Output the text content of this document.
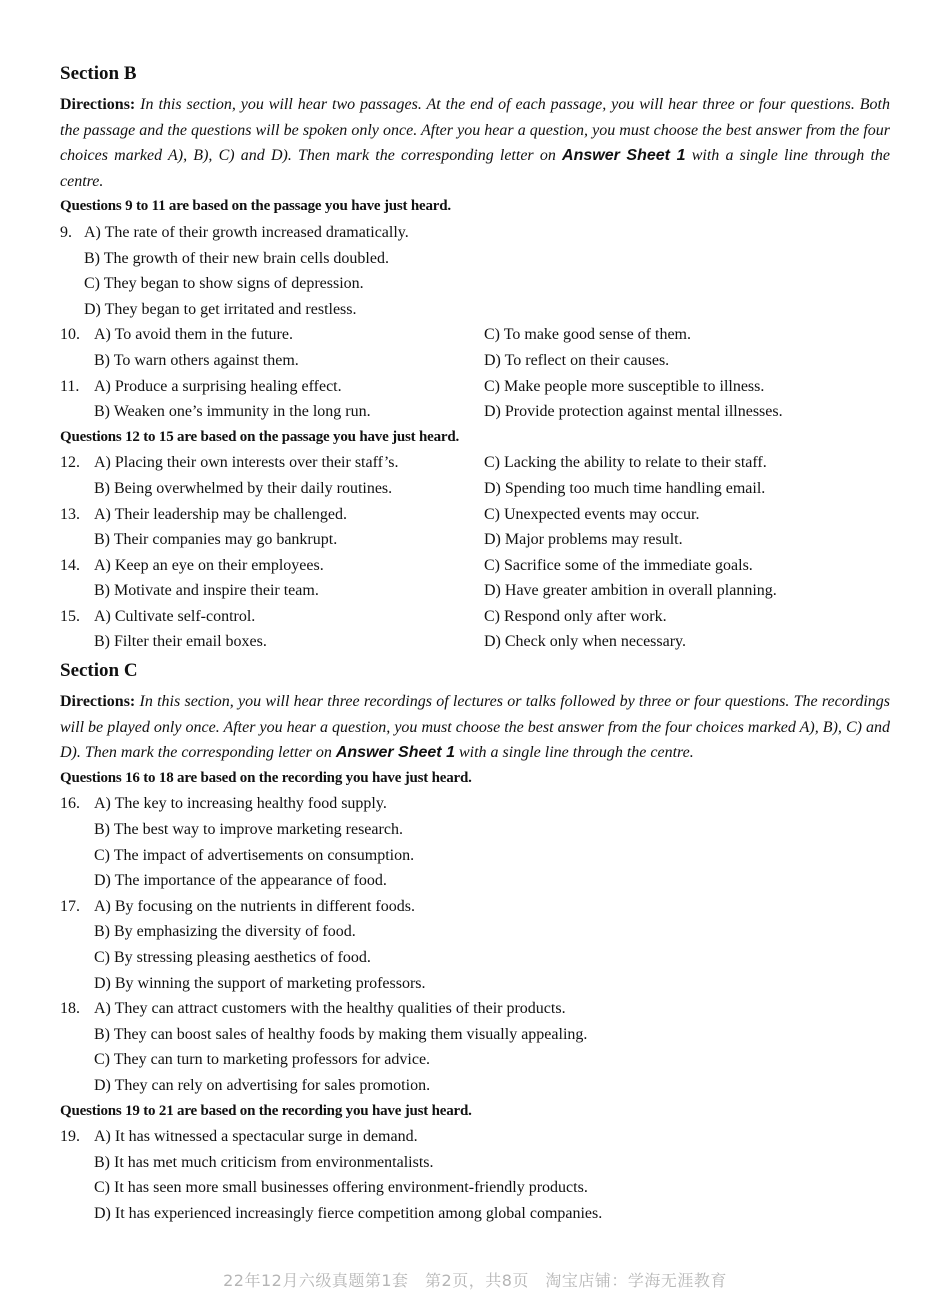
Section B

Directions: In this section, you will hear two passages. At the end of each passage, you will hear three or four questions. Both the passage and the questions will be spoken only once. After you hear a question, you must choose the best answer from the four choices marked A), B), C) and D). Then mark the corresponding letter on Answer Sheet 1 with a single line through the centre.

Questions 9 to 11 are based on the passage you have just heard.

9. A) The rate of their growth increased dramatically.
B) The growth of their new brain cells doubled.
C) They began to show signs of depression.
D) They began to get irritated and restless.
10. A) To avoid them in the future.	C) To make good sense of them.
B) To warn others against them.	D) To reflect on their causes.
11. A) Produce a surprising healing effect.	C) Make people more susceptible to illness.
B) Weaken one’s immunity in the long run.	D) Provide protection against mental illnesses.

Questions 12 to 15 are based on the passage you have just heard.

12. A) Placing their own interests over their staff’s.	C) Lacking the ability to relate to their staff.
B) Being overwhelmed by their daily routines.	D) Spending too much time handling email.
13. A) Their leadership may be challenged.	C) Unexpected events may occur.
B) Their companies may go bankrupt.	D) Major problems may result.
14. A) Keep an eye on their employees.	C) Sacrifice some of the immediate goals.
B) Motivate and inspire their team.	D) Have greater ambition in overall planning.
15. A) Cultivate self-control.	C) Respond only after work.
B) Filter their email boxes.	D) Check only when necessary.
Section C

Directions: In this section, you will hear three recordings of lectures or talks followed by three or four questions. The recordings will be played only once. After you hear a question, you must choose the best answer from the four choices marked A), B), C) and D). Then mark the corresponding letter on Answer Sheet 1 with a single line through the centre.

Questions 16 to 18 are based on the recording you have just heard.

16. A) The key to increasing healthy food supply.
B) The best way to improve marketing research.
C) The impact of advertisements on consumption.
D) The importance of the appearance of food.
17. A) By focusing on the nutrients in different foods.
B) By emphasizing the diversity of food.
C) By stressing pleasing aesthetics of food.
D) By winning the support of marketing professors.
18. A) They can attract customers with the healthy qualities of their products.
B) They can boost sales of healthy foods by making them visually appealing.
C) They can turn to marketing professors for advice.
D) They can rely on advertising for sales promotion.

Questions 19 to 21 are based on the recording you have just heard.

19. A) It has witnessed a spectacular surge in demand.
B) It has met much criticism from environmentalists.
C) It has seen more small businesses offering environment-friendly products.
D) It has experienced increasingly fierce competition among global companies.
22年12月六级真题第1套　第2页，共8页　淘宝店铺：学海无涯教育
